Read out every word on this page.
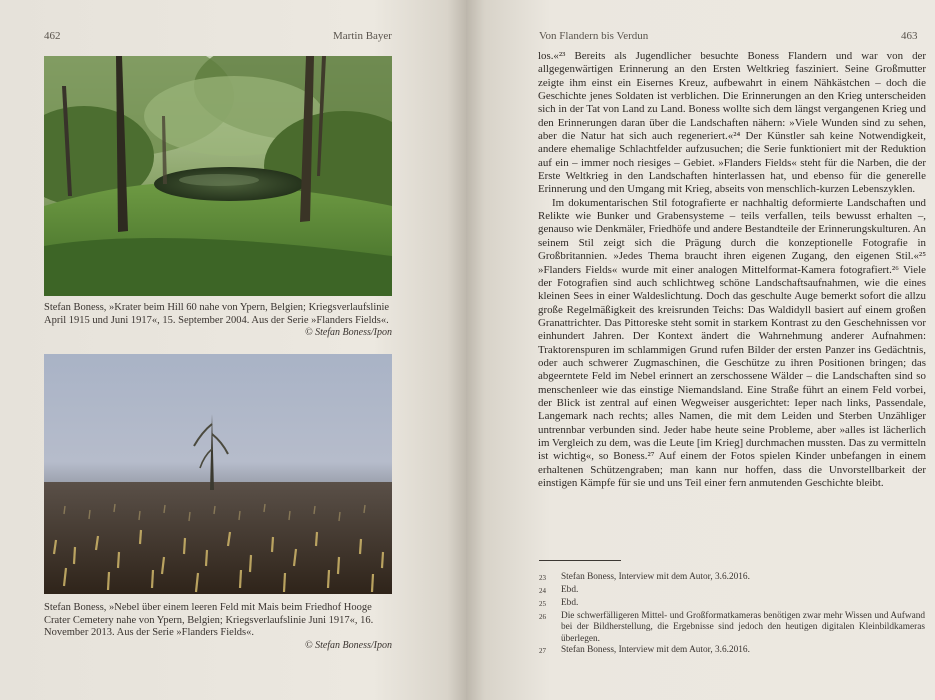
462	Martin Bayer
Stefan Boness, »Krater beim Hill 60 nahe von Ypern, Belgien; Kriegsverlaufslinie April 1915 und Juni 1917«, 15. September 2004. Aus der Serie »Flanders Fields«.
© Stefan Boness/Ipon
Stefan Boness, »Nebel über einem leeren Feld mit Mais beim Friedhof Hooge Crater Cemetery nahe von Ypern, Belgien; Kriegsverlaufslinie Juni 1917«, 16. November 2013. Aus der Serie »Flanders Fields«.
© Stefan Boness/Ipon
Von Flandern bis Verdun	463

los.«²³ Bereits als Jugendlicher besuchte Boness Flandern und war von der allgegenwärtigen Erinnerung an den Ersten Weltkrieg fasziniert. Seine Großmutter zeigte ihm einst ein Eisernes Kreuz, aufbewahrt in einem Nähkästchen – doch die Geschichte jenes Soldaten ist verblichen. Die Erinnerungen an den Krieg unterscheiden sich in der Tat von Land zu Land. Boness wollte sich dem längst vergangenen Krieg und den Erinnerungen daran über die Landschaften nähern: »Viele Wunden sind zu sehen, aber die Natur hat sich auch regeneriert.«²⁴ Der Künstler sah keine Notwendigkeit, andere ehemalige Schlachtfelder aufzusuchen; die Serie funktioniert mit der Reduktion auf ein – immer noch riesiges – Gebiet. »Flanders Fields« steht für die Narben, die der Erste Weltkrieg in den Landschaften hinterlassen hat, und ebenso für die generelle Erinnerung und den Umgang mit Krieg, abseits von menschlich-kurzen Lebenszyklen.

Im dokumentarischen Stil fotografierte er nachhaltig deformierte Landschaften und Relikte wie Bunker und Grabensysteme – teils verfallen, teils bewusst erhalten –, genauso wie Denkmäler, Friedhöfe und andere Bestandteile der Erinnerungskulturen. An seinem Stil zeigt sich die Prägung durch die konzeptionelle Fotografie in Großbritannien. »Jedes Thema braucht ihren eigenen Zugang, den eigenen Stil.«²⁵ »Flanders Fields« wurde mit einer analogen Mittelformat-Kamera fotografiert.²⁶ Viele der Fotografien sind auch schlichtweg schöne Landschaftsaufnahmen, wie die eines kleinen Sees in einer Waldeslichtung. Doch das geschulte Auge bemerkt sofort die allzu große Regelmäßigkeit des kreisrunden Teichs: Das Waldidyll basiert auf einem großen Granattrichter. Das Pittoreske steht somit in starkem Kontrast zu den Geschehnissen vor einhundert Jahren. Der Kontext ändert die Wahrnehmung anderer Aufnahmen: Traktorenspuren im schlammigen Grund rufen Bilder der ersten Panzer ins Gedächtnis, oder auch schwerer Zugmaschinen, die Geschütze zu ihren Positionen bringen; das abgeerntete Feld im Nebel erinnert an zerschossene Wälder – die Landschaften sind so menschenleer wie das einstige Niemandsland. Eine Straße führt an einem Feld vorbei, der Blick ist zentral auf einen Wegweiser ausgerichtet: Ieper nach links, Passendale, Langemark nach rechts; alles Namen, die mit dem Leiden und Sterben Unzähliger untrennbar verbunden sind. Jeder habe heute seine Probleme, aber »alles ist lächerlich im Vergleich zu dem, was die Leute [im Krieg] durchmachen mussten. Das zu vermitteln ist wichtig«, so Boness.²⁷ Auf einem der Fotos spielen Kinder unbefangen in einem erhaltenen Schützengraben; man kann nur hoffen, dass die Unvorstellbarkeit der einstigen Kämpfe für sie und uns Teil einer fern anmutenden Geschichte bleibt.

23	Stefan Boness, Interview mit dem Autor, 3.6.2016.
24	Ebd.
25	Ebd.
26	Die schwerfälligeren Mittel- und Großformatkameras benötigen zwar mehr Wissen und Aufwand bei der Bildherstellung, die Ergebnisse sind jedoch den heutigen digitalen Kleinbildkameras überlegen.
27	Stefan Boness, Interview mit dem Autor, 3.6.2016.
